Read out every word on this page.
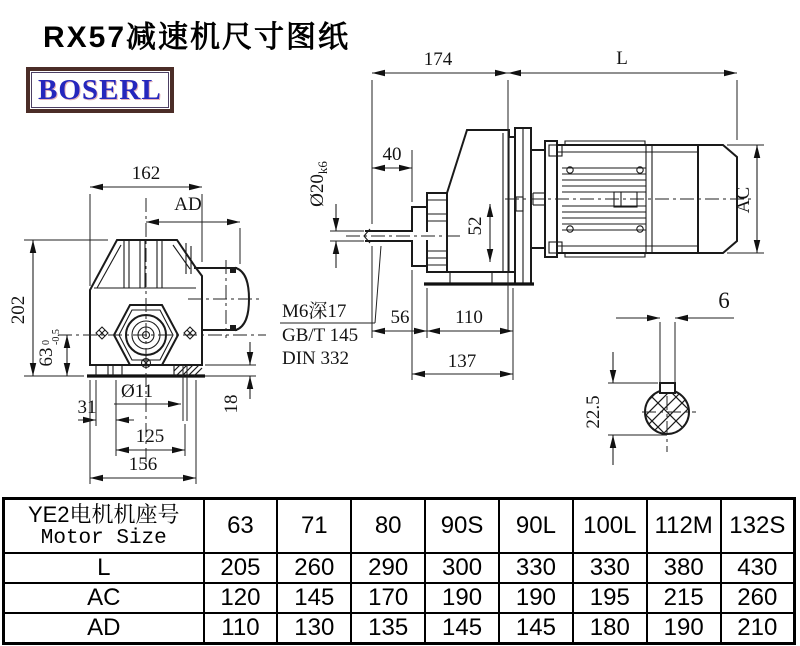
RX57减速机尺寸图纸
BOSERL
162
AD
202
63
0 -0.5
31
Ø11
125
156
18
174	L
40
$Ø20_{k6}$
52
AC
M6深17
GB/T 145
DIN 332
56 110
137
6
22.5
YE2电机机座号
Motor Size	63	71	80	90S	90L	100L	112M	132S
L	205	260	290	300	330	330	380	430
AC	120	145	170	190	190	195	215	260
AD	110	130	135	145	145	180	190	210
